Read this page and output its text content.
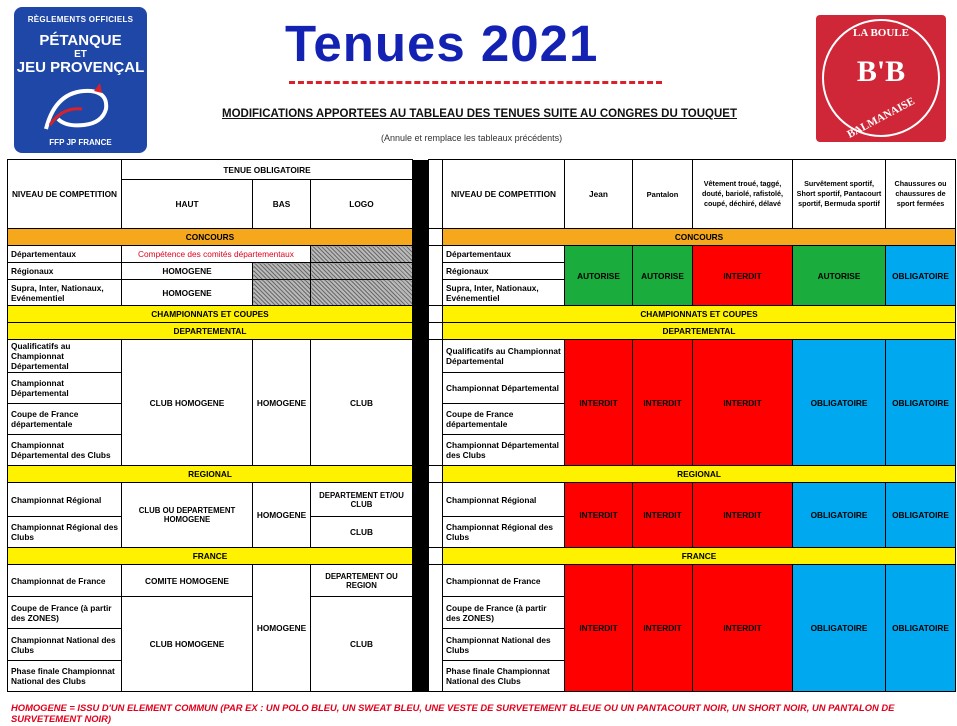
RÈGLEMENTS OFFICIELS
PÉTANQUE
ET
JEU PROVENÇAL
FFP JP FRANCE
LA BOULE
B'B
BALMANAISE
Tenues 2021
MODIFICATIONS APPORTEES AU TABLEAU DES TENUES SUITE AU CONGRES DU TOUQUET
(Annule et remplace les tableaux précédents)
NIVEAU DE COMPETITION	TENUE OBLIGATOIRE					NIVEAU DE COMPETITION	Jean	Pantalon	Vêtement troué, taggé, douté, bariolé, rafistolé, coupé, déchiré, délavé	Survêtement sportif, Short sportif, Pantacourt sportif, Bermuda sportif	Chaussures ou chaussures de sport fermées
	HAUT	BAS	LOGO								
CONCOURS						CONCOURS					
Départementaux	Compétence des comités départementaux					Départementaux	AUTORISE	AUTORISE	INTERDIT	AUTORISE	OBLIGATOIRE
Régionaux	HOMOGENE					Régionaux					
Supra, Inter, Nationaux, Evénementiel	HOMOGENE					Supra, Inter, Nationaux, Evénementiel					
CHAMPIONNATS ET COUPES						CHAMPIONNATS ET COUPES					
DEPARTEMENTAL						DEPARTEMENTAL					
Qualificatifs au Championnat Départemental	CLUB HOMOGENE	HOMOGENE	CLUB			Qualificatifs au Championnat Départemental	INTERDIT	INTERDIT	INTERDIT	OBLIGATOIRE	OBLIGATOIRE
Championnat Départemental						Championnat Départemental					
Coupe de France départementale						Coupe de France départementale					
Championnat Départemental des Clubs						Championnat Départemental des Clubs					
REGIONAL						REGIONAL					
Championnat Régional	CLUB OU DEPARTEMENT HOMOGENE	HOMOGENE	DEPARTEMENT ET/OU CLUB			Championnat Régional	INTERDIT	INTERDIT	INTERDIT	OBLIGATOIRE	OBLIGATOIRE
Championnat Régional des Clubs			CLUB			Championnat Régional des Clubs					
FRANCE						FRANCE					
Championnat de France	COMITE HOMOGENE	HOMOGENE	DEPARTEMENT OU REGION			Championnat de France	INTERDIT	INTERDIT	INTERDIT	OBLIGATOIRE	OBLIGATOIRE
Coupe de France (à partir des ZONES)	CLUB HOMOGENE		CLUB			Coupe de France (à partir des ZONES)					
Championnat National des Clubs						Championnat National des Clubs					
Phase finale Championnat National des Clubs						Phase finale Championnat National des Clubs					
HOMOGENE = ISSU D'UN ELEMENT COMMUN (PAR EX : UN POLO BLEU, UN SWEAT BLEU, UNE VESTE DE SURVETEMENT BLEUE OU UN PANTACOURT NOIR, UN SHORT NOIR, UN PANTALON DE SURVETEMENT NOIR)
